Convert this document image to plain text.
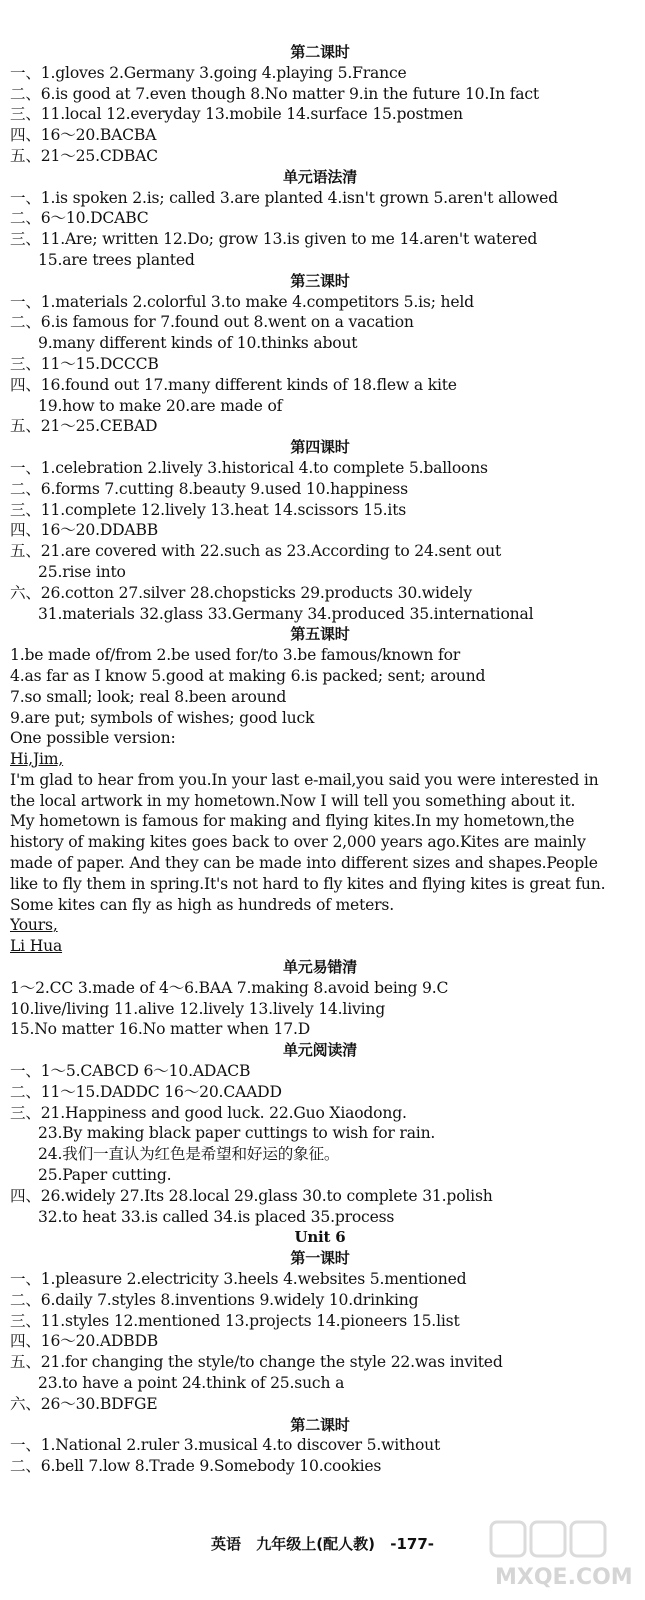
第二课时
一、1.gloves 2.Germany 3.going 4.playing 5.France
二、6.is good at 7.even though 8.No matter 9.in the future 10.In fact
三、11.local 12.everyday 13.mobile 14.surface 15.postmen
四、16～20.BACBA
五、21～25.CDBAC
单元语法清
一、1.is spoken 2.is; called 3.are planted 4.isn't grown 5.aren't allowed
二、6～10.DCABC
三、11.Are; written 12.Do; grow 13.is given to me 14.aren't watered
15.are trees planted
第三课时
一、1.materials 2.colorful 3.to make 4.competitors 5.is; held
二、6.is famous for 7.found out 8.went on a vacation
9.many different kinds of 10.thinks about
三、11～15.DCCCB
四、16.found out 17.many different kinds of 18.flew a kite
19.how to make 20.are made of
五、21～25.CEBAD
第四课时
一、1.celebration 2.lively 3.historical 4.to complete 5.balloons
二、6.forms 7.cutting 8.beauty 9.used 10.happiness
三、11.complete 12.lively 13.heat 14.scissors 15.its
四、16～20.DDABB
五、21.are covered with 22.such as 23.According to 24.sent out
25.rise into
六、26.cotton 27.silver 28.chopsticks 29.products 30.widely
31.materials 32.glass 33.Germany 34.produced 35.international
第五课时
1.be made of/from 2.be used for/to 3.be famous/known for
4.as far as I know 5.good at making 6.is packed; sent; around
7.so small; look; real 8.been around
9.are put; symbols of wishes; good luck
One possible version:
Hi,Jim,
I'm glad to hear from you.In your last e-mail,you said you were interested in
the local artwork in my hometown.Now I will tell you something about it.
My hometown is famous for making and flying kites.In my hometown,the
history of making kites goes back to over 2,000 years ago.Kites are mainly
made of paper. And they can be made into different sizes and shapes.People
like to fly them in spring.It's not hard to fly kites and flying kites is great fun.
Some kites can fly as high as hundreds of meters.
Yours,
Li Hua
单元易错清
1～2.CC 3.made of 4～6.BAA 7.making 8.avoid being 9.C
10.live/living 11.alive 12.lively 13.lively 14.living
15.No matter 16.No matter when 17.D
单元阅读清
一、1～5.CABCD 6～10.ADACB
二、11～15.DADDC 16～20.CAADD
三、21.Happiness and good luck. 22.Guo Xiaodong.
23.By making black paper cuttings to wish for rain.
24.我们一直认为红色是希望和好运的象征。
25.Paper cutting.
四、26.widely 27.Its 28.local 29.glass 30.to complete 31.polish
32.to heat 33.is called 34.is placed 35.process
Unit 6
第一课时
一、1.pleasure 2.electricity 3.heels 4.websites 5.mentioned
二、6.daily 7.styles 8.inventions 9.widely 10.drinking
三、11.styles 12.mentioned 13.projects 14.pioneers 15.list
四、16～20.ADBDB
五、21.for changing the style/to change the style 22.was invited
23.to have a point 24.think of 25.such a
六、26～30.BDFGE
第二课时
一、1.National 2.ruler 3.musical 4.to discover 5.without
二、6.bell 7.low 8.Trade 9.Somebody 10.cookies
英语 九年级上(配人教) -177-
MXQE.COM
